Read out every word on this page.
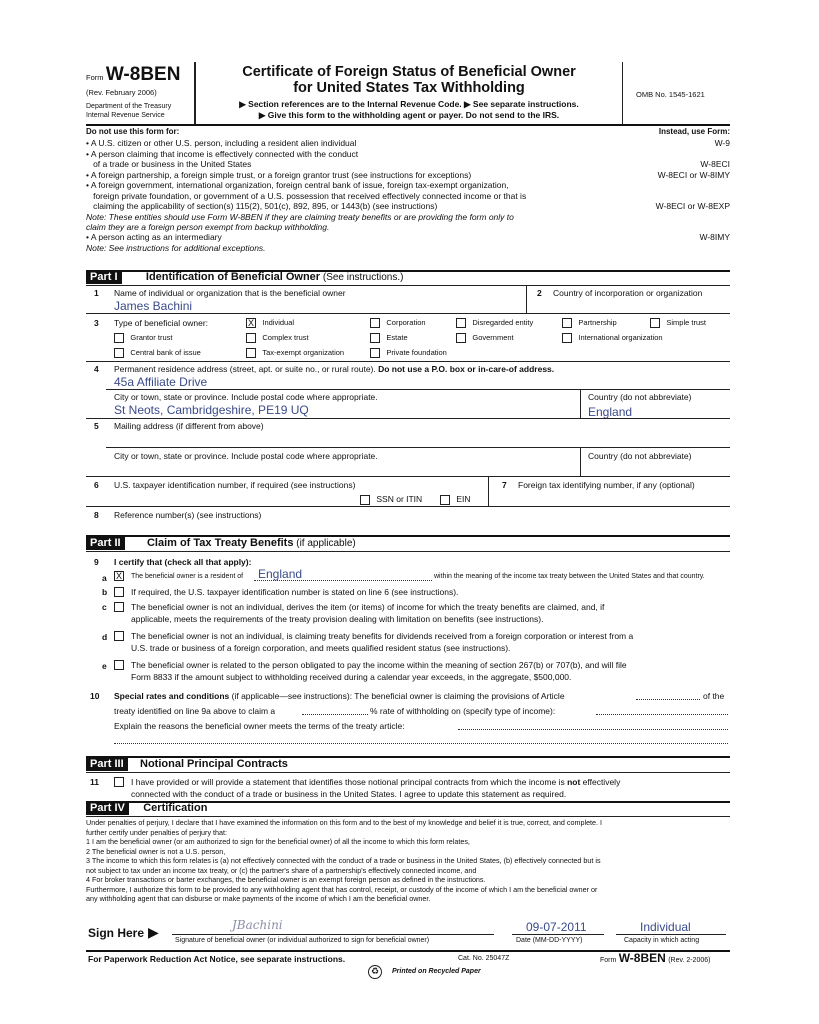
Form W-8BEN
(Rev. February 2006)
Department of the Treasury
Internal Revenue Service
Certificate of Foreign Status of Beneficial Owner
for United States Tax Withholding
▶ Section references are to the Internal Revenue Code. ▶ See separate instructions.
▶ Give this form to the withholding agent or payer. Do not send to the IRS.
OMB No. 1545-1621
Do not use this form for:	Instead, use Form:
• A U.S. citizen or other U.S. person, including a resident alien individual	W-9
• A person claiming that income is effectively connected with the conduct
of a trade or business in the United States	W-8ECI
• A foreign partnership, a foreign simple trust, or a foreign grantor trust (see instructions for exceptions)	W-8ECI or W-8IMY
• A foreign government, international organization, foreign central bank of issue, foreign tax-exempt organization,
foreign private foundation, or government of a U.S. possession that received effectively connected income or that is
claiming the applicability of section(s) 115(2), 501(c), 892, 895, or 1443(b) (see instructions)	W-8ECI or W-8EXP
Note: These entities should use Form W-8BEN if they are claiming treaty benefits or are providing the form only to
claim they are a foreign person exempt from backup withholding.
• A person acting as an intermediary	W-8IMY
Note: See instructions for additional exceptions.
Part I	Identification of Beneficial Owner (See instructions.)
1 Name of individual or organization that is the beneficial owner
James Bachini
2 Country of incorporation or organization
3 Type of beneficial owner:	X Individual	Corporation	Disregarded entity	Partnership	Simple trust
Grantor trust	Complex trust	Estate	Government	International organization
Central bank of issue	Tax-exempt organization	Private foundation
4 Permanent residence address (street, apt. or suite no., or rural route). Do not use a P.O. box or in-care-of address.
45a Affiliate Drive
City or town, state or province. Include postal code where appropriate.
St Neots, Cambridgeshire, PE19 UQ
Country (do not abbreviate)
England
5 Mailing address (if different from above)
City or town, state or province. Include postal code where appropriate.	Country (do not abbreviate)
6 U.S. taxpayer identification number, if required (see instructions)
SSN or ITIN	EIN
7 Foreign tax identifying number, if any (optional)
8 Reference number(s) (see instructions)
Part II Claim of Tax Treaty Benefits (if applicable)
9 I certify that (check all that apply):
a X The beneficial owner is a resident of England	within the meaning of the income tax treaty between the United States and that country.
b	If required, the U.S. taxpayer identification number is stated on line 6 (see instructions).
c	The beneficial owner is not an individual, derives the item (or items) of income for which the treaty benefits are claimed, and, if
applicable, meets the requirements of the treaty provision dealing with limitation on benefits (see instructions).
d	The beneficial owner is not an individual, is claiming treaty benefits for dividends received from a foreign corporation or interest from a
U.S. trade or business of a foreign corporation, and meets qualified resident status (see instructions).
e	The beneficial owner is related to the person obligated to pay the income within the meaning of section 267(b) or 707(b), and will file
Form 8833 if the amount subject to withholding received during a calendar year exceeds, in the aggregate, $500,000.
10 Special rates and conditions (if applicable—see instructions): The beneficial owner is claiming the provisions of Article	of the
treaty identified on line 9a above to claim a	% rate of withholding on (specify type of income):
Explain the reasons the beneficial owner meets the terms of the treaty article:
Part III Notional Principal Contracts
11	I have provided or will provide a statement that identifies those notional principal contracts from which the income is not effectively
connected with the conduct of a trade or business in the United States. I agree to update this statement as required.
Part IV Certification
Under penalties of perjury, I declare that I have examined the information on this form and to the best of my knowledge and belief it is true, correct, and complete. I
further certify under penalties of perjury that:
1 I am the beneficial owner (or am authorized to sign for the beneficial owner) of all the income to which this form relates,
2 The beneficial owner is not a U.S. person,
3 The income to which this form relates is (a) not effectively connected with the conduct of a trade or business in the United States, (b) effectively connected but is
not subject to tax under an income tax treaty, or (c) the partner's share of a partnership's effectively connected income, and
4 For broker transactions or barter exchanges, the beneficial owner is an exempt foreign person as defined in the instructions.
Furthermore, I authorize this form to be provided to any withholding agent that has control, receipt, or custody of the income of which I am the beneficial owner or
any withholding agent that can disburse or make payments of the income of which I am the beneficial owner.
Sign Here ▶	JBachini
Signature of beneficial owner (or individual authorized to sign for beneficial owner)
09-07-2011
Date (MM-DD-YYYY)
Individual
Capacity in which acting
For Paperwork Reduction Act Notice, see separate instructions.	Cat. No. 25047Z	Form W-8BEN (Rev. 2-2006)
♻	Printed on Recycled Paper
